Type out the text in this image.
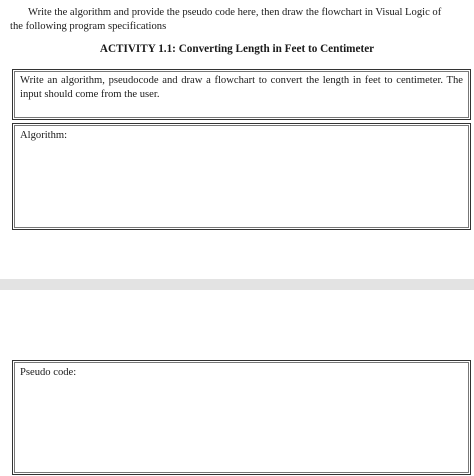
Write the algorithm and provide the pseudo code here, then draw the flowchart in Visual Logic of the following program specifications

ACTIVITY 1.1: Converting Length in Feet to Centimeter

Write an algorithm, pseudocode and draw a flowchart to convert the length in feet to centimeter. The input should come from the user.

Algorithm:

Pseudo code:
